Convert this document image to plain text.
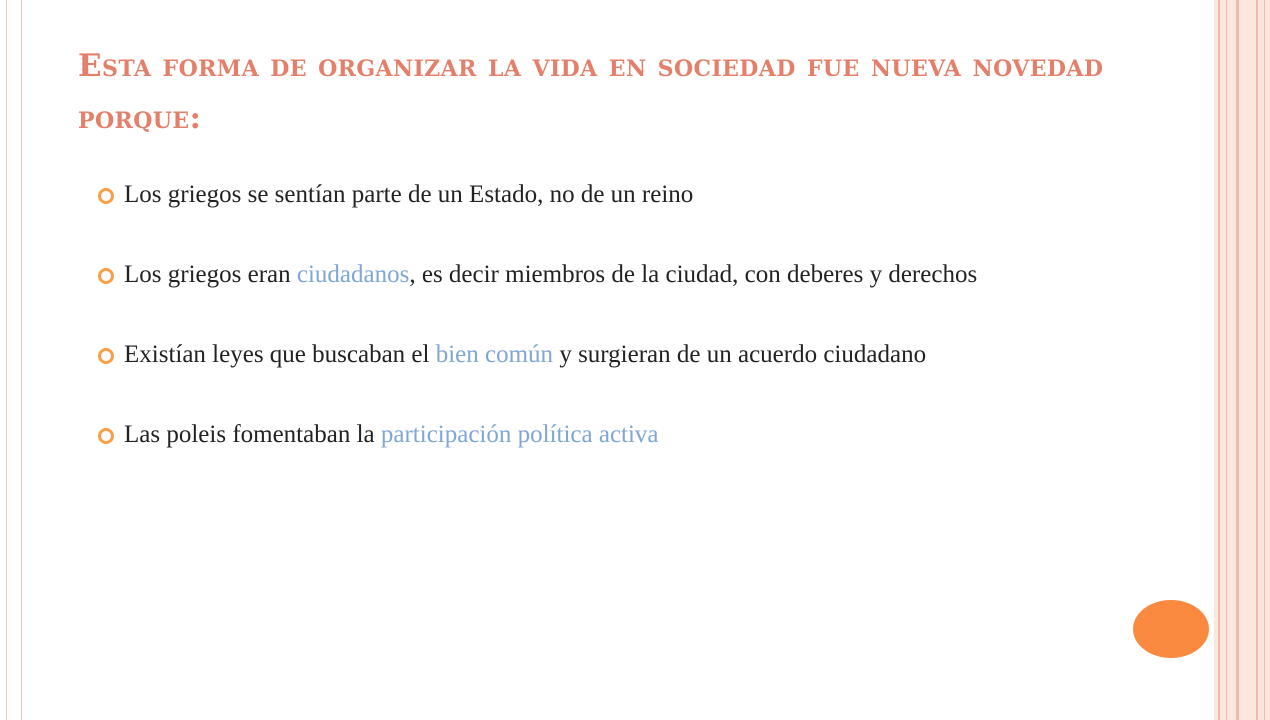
Esta forma de organizar la vida en sociedad fue nueva novedad porque:
Los griegos se sentían parte de un Estado, no de un reino
Los griegos eran ciudadanos, es decir miembros de la ciudad, con deberes y derechos
Existían leyes que buscaban el bien común y surgieran de un acuerdo ciudadano
Las poleis fomentaban la participación política activa
